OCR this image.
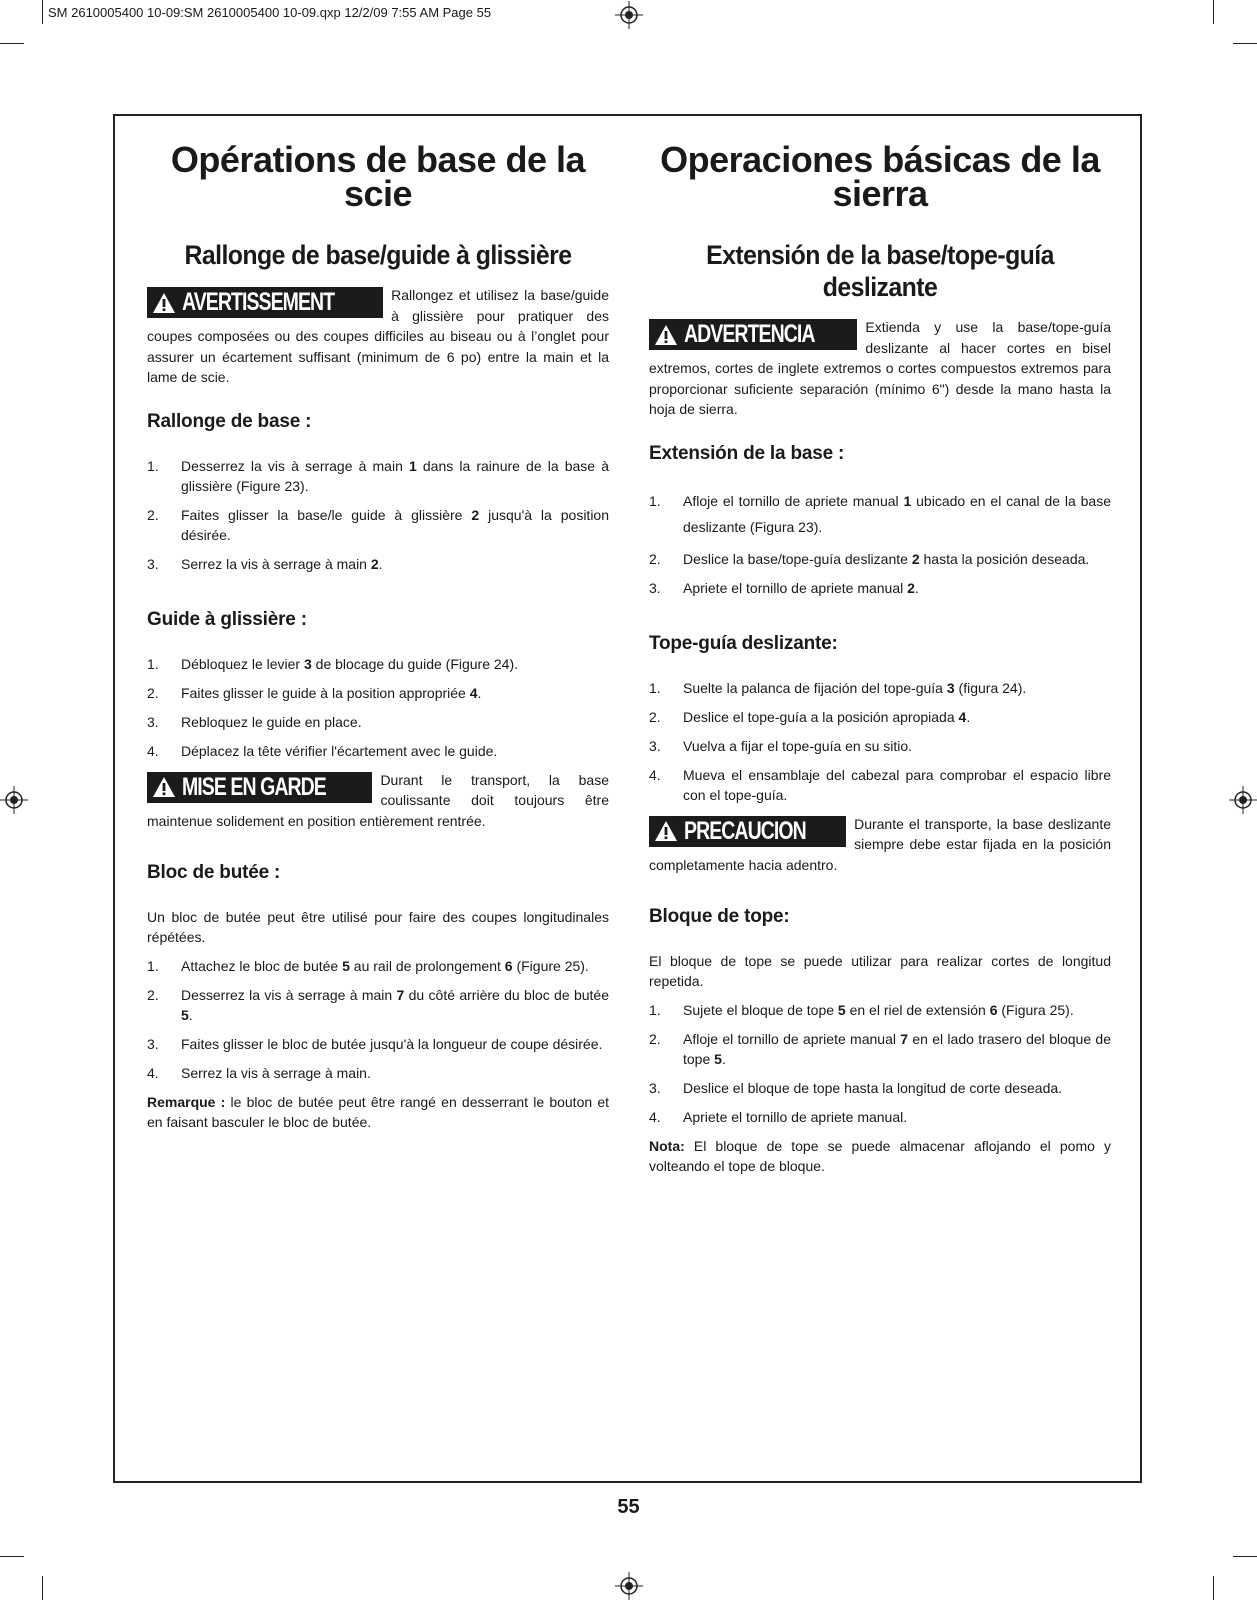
SM 2610005400 10-09:SM 2610005400 10-09.qxp 12/2/09 7:55 AM Page 55
Opérations de base de la scie
Rallonge de base/guide à glissière
AVERTISSEMENT	Rallongez et utilisez la base/guide à glissière pour pratiquer des coupes composées ou des coupes difficiles au biseau ou à l’onglet pour assurer un écartement suffisant (minimum de 6 po) entre la main et la lame de scie.
Rallonge de base :
1. Desserrez la vis à serrage à main 1 dans la rainure de la base à glissière (Figure 23).
2. Faites glisser la base/le guide à glissière 2 jusqu'à la position désirée.
3. Serrez la vis à serrage à main 2.
Guide à glissière :
1. Débloquez le levier 3 de blocage du guide (Figure 24).
2. Faites glisser le guide à la position appropriée 4.
3. Rebloquez le guide en place.
4. Déplacez la tête vérifier l'écartement avec le guide.
MISE EN GARDE	Durant le transport, la base coulissante doit toujours être maintenue solidement en position entièrement rentrée.
Bloc de butée :

Un bloc de butée peut être utilisé pour faire des coupes longitudinales répétées.

1. Attachez le bloc de butée 5 au rail de prolongement 6 (Figure 25).
2. Desserrez la vis à serrage à main 7 du côté arrière du bloc de butée 5.
3. Faites glisser le bloc de butée jusqu'à la longueur de coupe désirée.
4. Serrez la vis à serrage à main.

Remarque : le bloc de butée peut être rangé en desserrant le bouton et en faisant basculer le bloc de butée.

Operaciones básicas de la sierra
Extensión de la base/tope-guía deslizante
ADVERTENCIA	Extienda y use la base/tope-guía deslizante al hacer cortes en bisel extremos, cortes de inglete extremos o cortes compuestos extremos para proporcionar suficiente separación (mínimo 6") desde la mano hasta la hoja de sierra.
Extensión de la base :
1. Afloje el tornillo de apriete manual 1 ubicado en el canal de la base deslizante (Figura 23).
2. Deslice la base/tope-guía deslizante 2 hasta la posición deseada.
3. Apriete el tornillo de apriete manual 2.
Tope-guía deslizante:
1. Suelte la palanca de fijación del tope-guía 3 (figura 24).
2. Deslice el tope-guía a la posición apropiada 4.
3. Vuelva a fijar el tope-guía en su sitio.
4. Mueva el ensamblaje del cabezal para comprobar el espacio libre con el tope-guía.
PRECAUCION	Durante el transporte, la base deslizante siempre debe estar fijada en la posición completamente hacia adentro.
Bloque de tope:

El bloque de tope se puede utilizar para realizar cortes de longitud repetida.

1. Sujete el bloque de tope 5 en el riel de extensión 6 (Figura 25).
2. Afloje el tornillo de apriete manual 7 en el lado trasero del bloque de tope 5.
3. Deslice el bloque de tope hasta la longitud de corte deseada.
4. Apriete el tornillo de apriete manual.

Nota: El bloque de tope se puede almacenar aflojando el pomo y volteando el tope de bloque.

55
